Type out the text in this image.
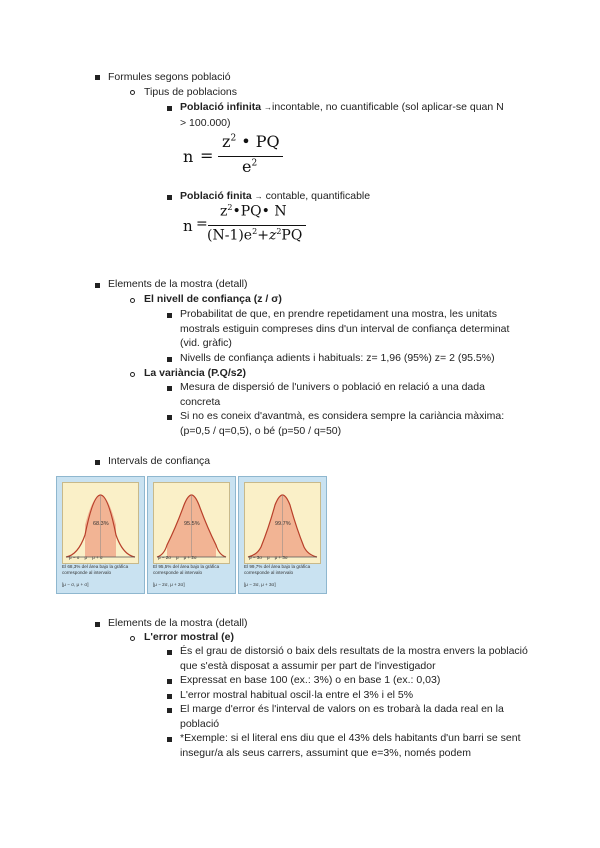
Formules segons població
Tipus de poblacions
Població infinita →incontable, no cuantificable (sol aplicar-se quan N
> 100.000)
n =
$z^2$ • PQ
$e^2$
Població finita → contable, quantificable
n =
$z^2•PQ•$ N
$(N-1)e^2+z^2PQ$
Elements de la mostra (detall)
El nivell de confiança (z / σ)
Probabilitat de que, en prendre repetidament una mostra, les unitats mostrals estiguin compreses dins d'un interval de confiança determinat (vid. gràfic)
Nivells de confiança adients i habituals: z= 1,96 (95%) z= 2 (95.5%)
La variància (P.Q/s2)
Mesura de dispersió de l'univers o població en relació a una dada concreta
Si no es coneix d'avantmà, es considera sempre la cariància màxima: (p=0,5 / q=0,5), o bé (p=50 / q=50)
Intervals de confiança
68.3%
μ − σ    μ    μ + σ
El 68,3% del área bajo la gráfica corresponde al intervalo
[μ − σ, μ + σ]
95.5%
μ − 2σ    μ    μ + 2σ
El 95,5% del área bajo la gráfica corresponde al intervalo
[μ − 2σ, μ + 2σ]
99.7%
μ − 3σ    μ    μ + 3σ
El 99,7% del área bajo la gráfica corresponde al intervalo
[μ − 3σ, μ + 3σ]
Elements de la mostra (detall)
L'error mostral (e)
És el grau de distorsió o baix dels resultats de la mostra envers la població que s'està disposat a assumir per part de l'investigador
Expressat en base 100 (ex.: 3%) o en base 1 (ex.: 0,03)
L'error mostral habitual oscil·la entre el 3% i el 5%
El marge d'error és l'interval de valors on es trobarà la dada real en la població
*Exemple: si el literal ens diu que el 43% dels habitants d'un barri se sent insegur/a als seus carrers, assumint que e=3%, només podem
